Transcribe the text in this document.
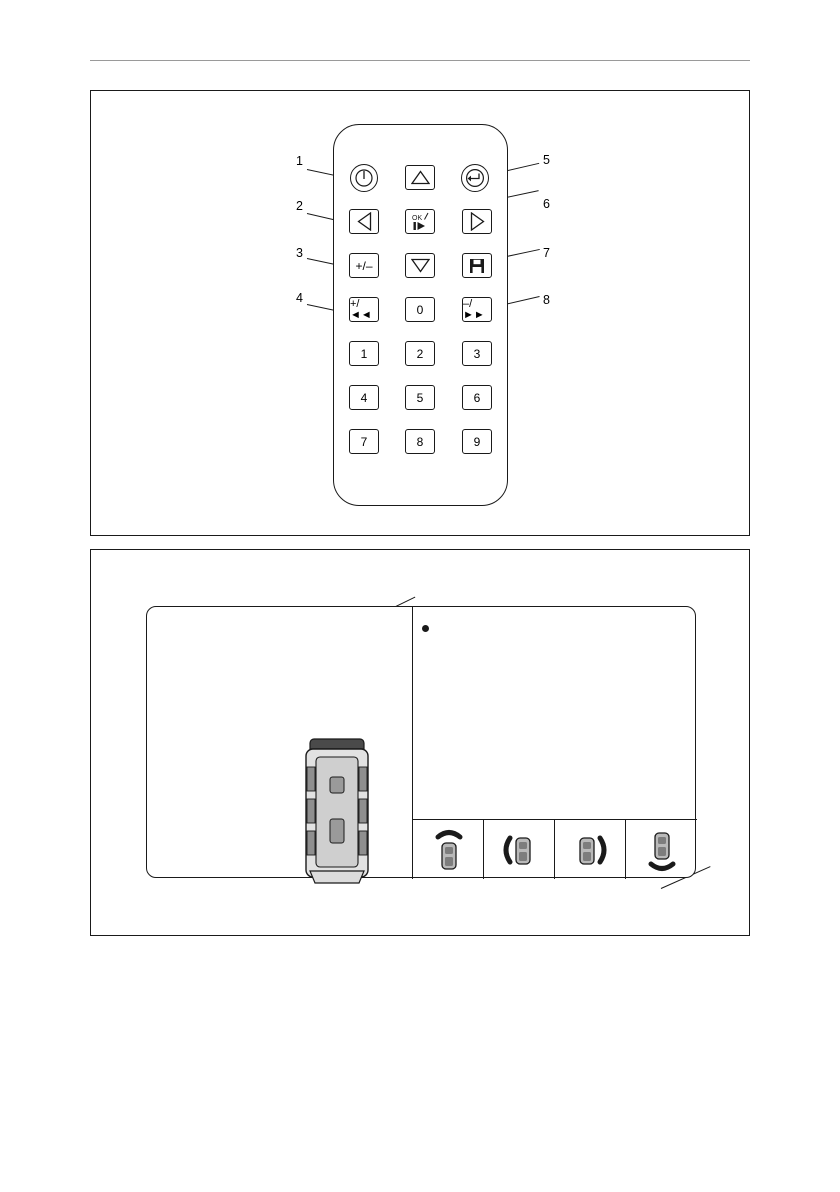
1
2
3
4
5
6
7
8
OK
+/–
+/◄◄	0	–/►►
1	2	3
4	5	6
7	8	9
